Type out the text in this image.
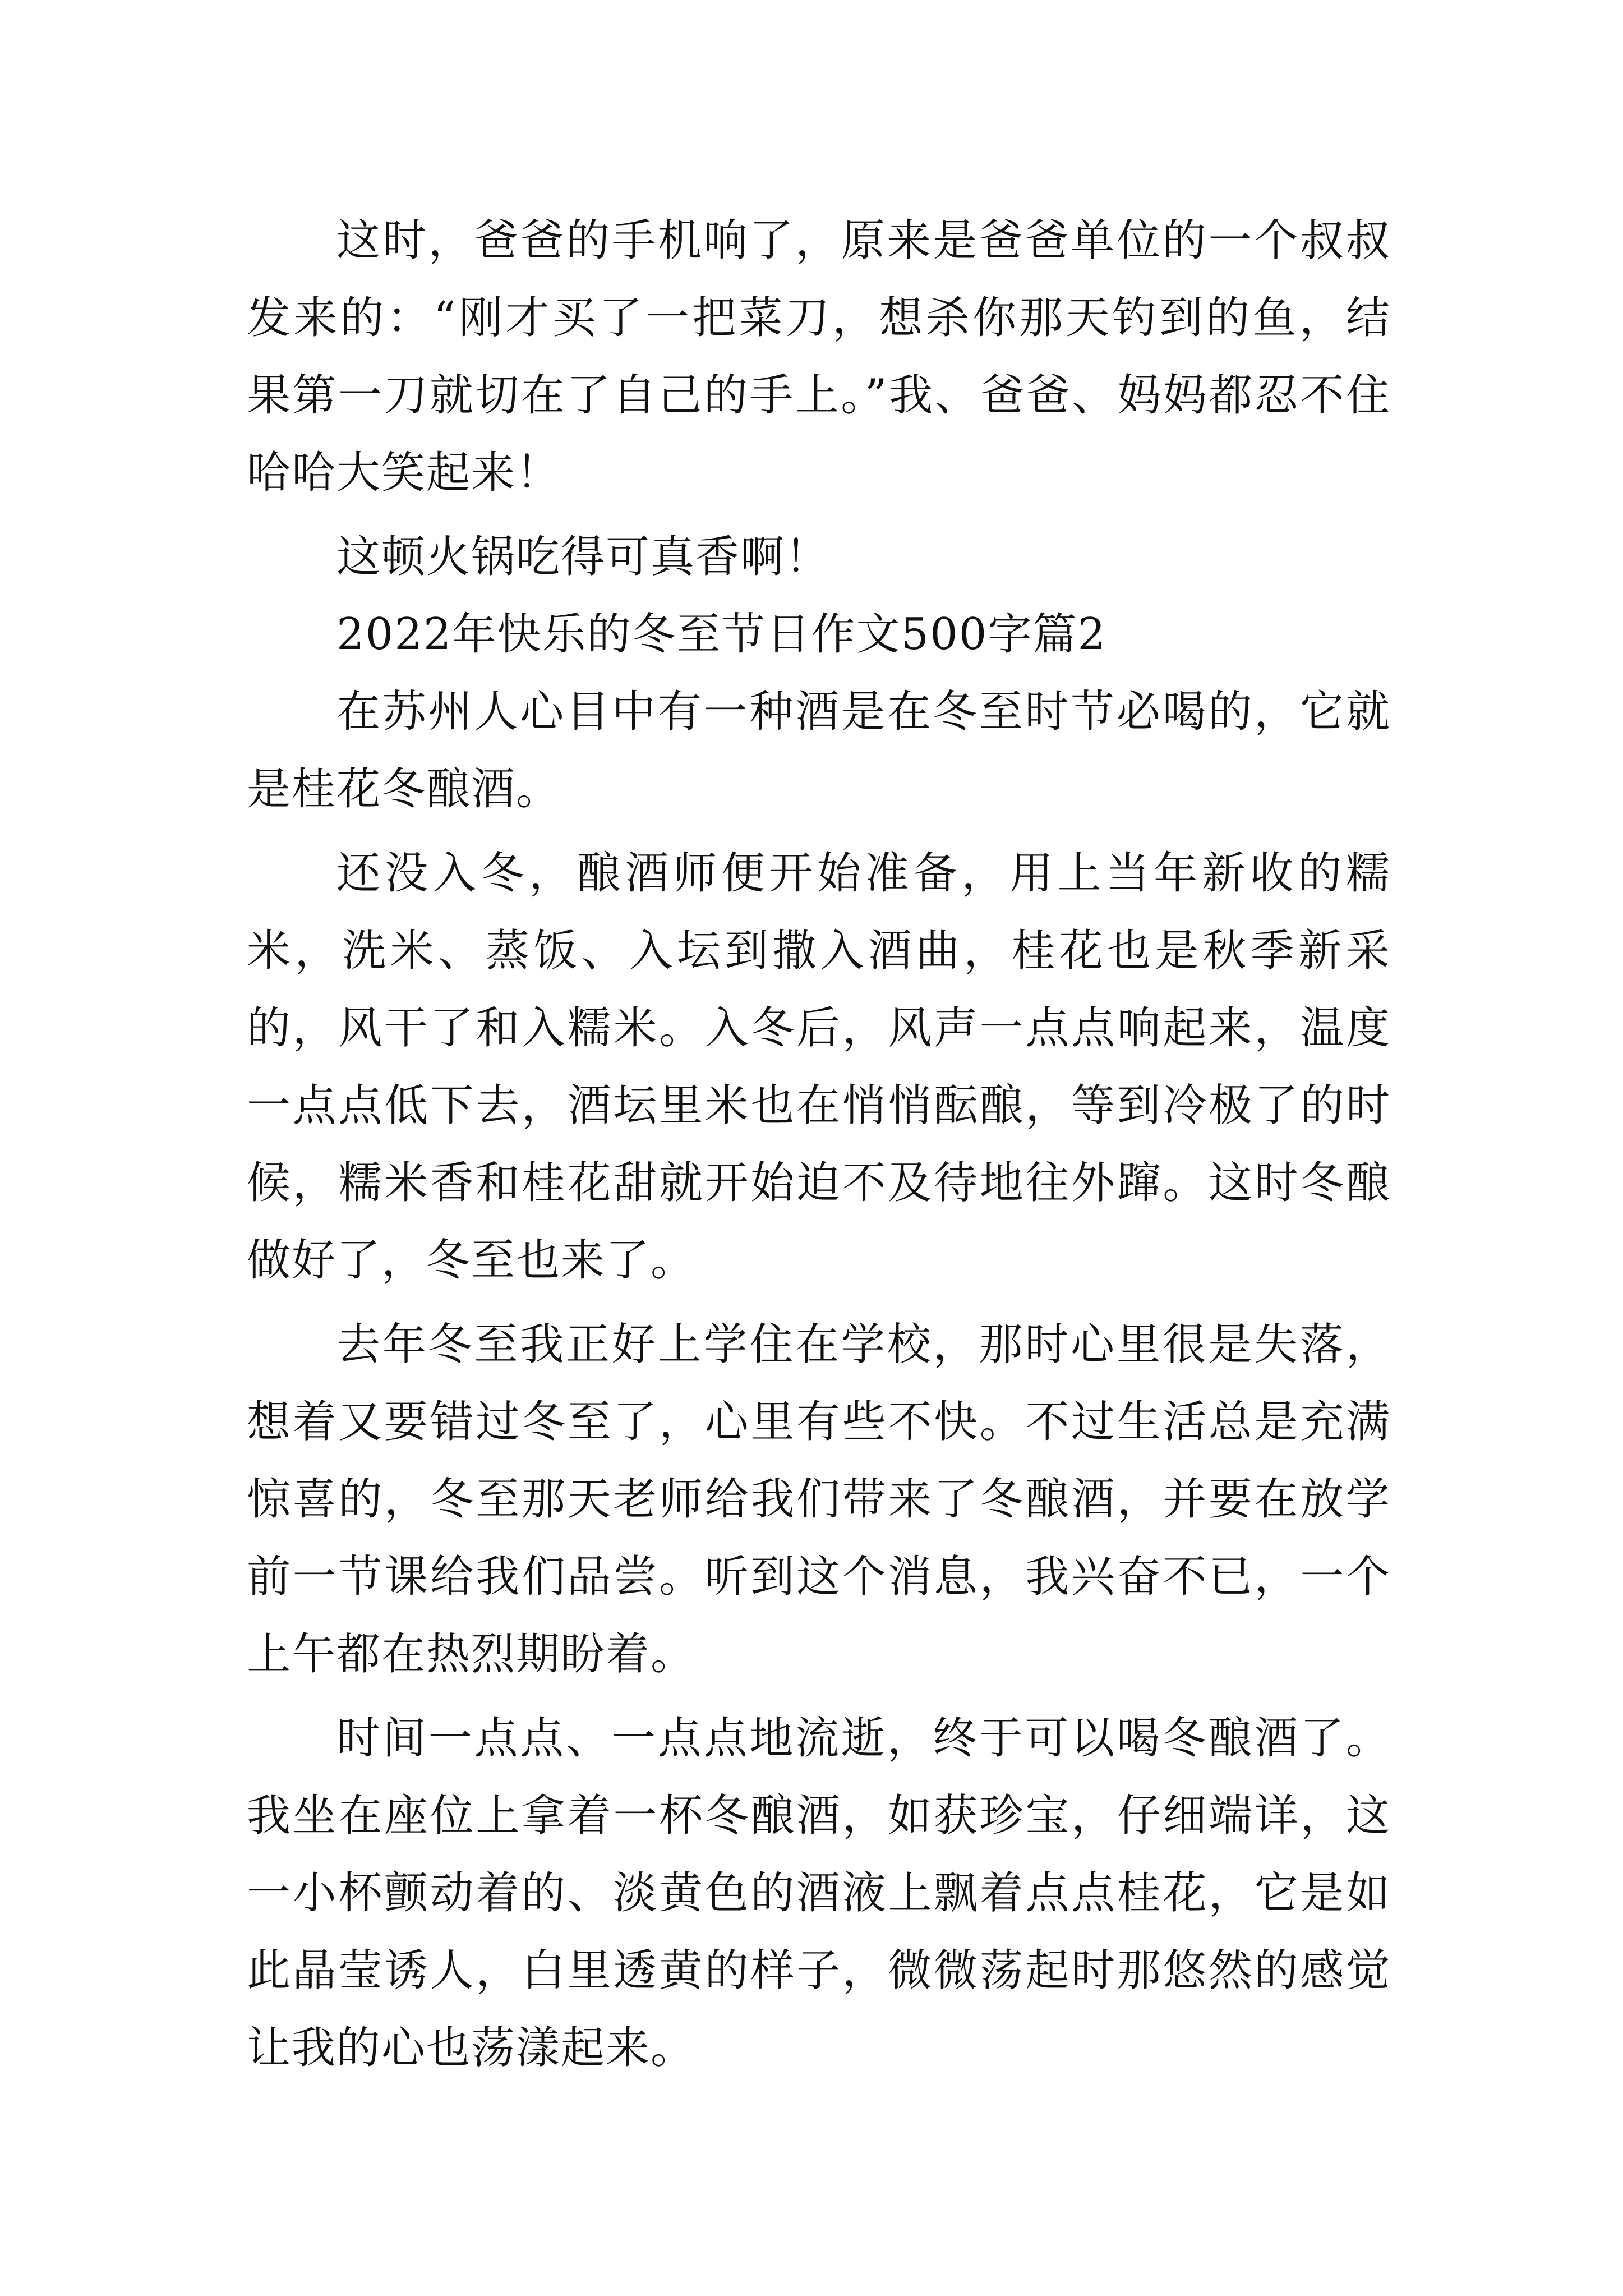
这时，爸爸的手机响了，原来是爸爸单位的一个叔叔发来的：“刚才买了一把菜刀，想杀你那天钓到的鱼，结果第一刀就切在了自己的手上。”我、爸爸、妈妈都忍不住哈哈大笑起来！

这顿火锅吃得可真香啊！

2022年快乐的冬至节日作文500字篇2

在苏州人心目中有一种酒是在冬至时节必喝的，它就是桂花冬酿酒。

还没入冬，酿酒师便开始准备，用上当年新收的糯米，洗米、蒸饭、入坛到撒入酒曲，桂花也是秋季新采的，风干了和入糯米。入冬后，风声一点点响起来，温度一点点低下去，酒坛里米也在悄悄酝酿，等到冷极了的时候，糯米香和桂花甜就开始迫不及待地往外蹿。这时冬酿做好了，冬至也来了。

去年冬至我正好上学住在学校，那时心里很是失落，想着又要错过冬至了，心里有些不快。不过生活总是充满惊喜的，冬至那天老师给我们带来了冬酿酒，并要在放学前一节课给我们品尝。听到这个消息，我兴奋不已，一个上午都在热烈期盼着。

时间一点点、一点点地流逝，终于可以喝冬酿酒了。我坐在座位上拿着一杯冬酿酒，如获珍宝，仔细端详，这一小杯颤动着的、淡黄色的酒液上飘着点点桂花，它是如此晶莹诱人，白里透黄的样子，微微荡起时那悠然的感觉让我的心也荡漾起来。
